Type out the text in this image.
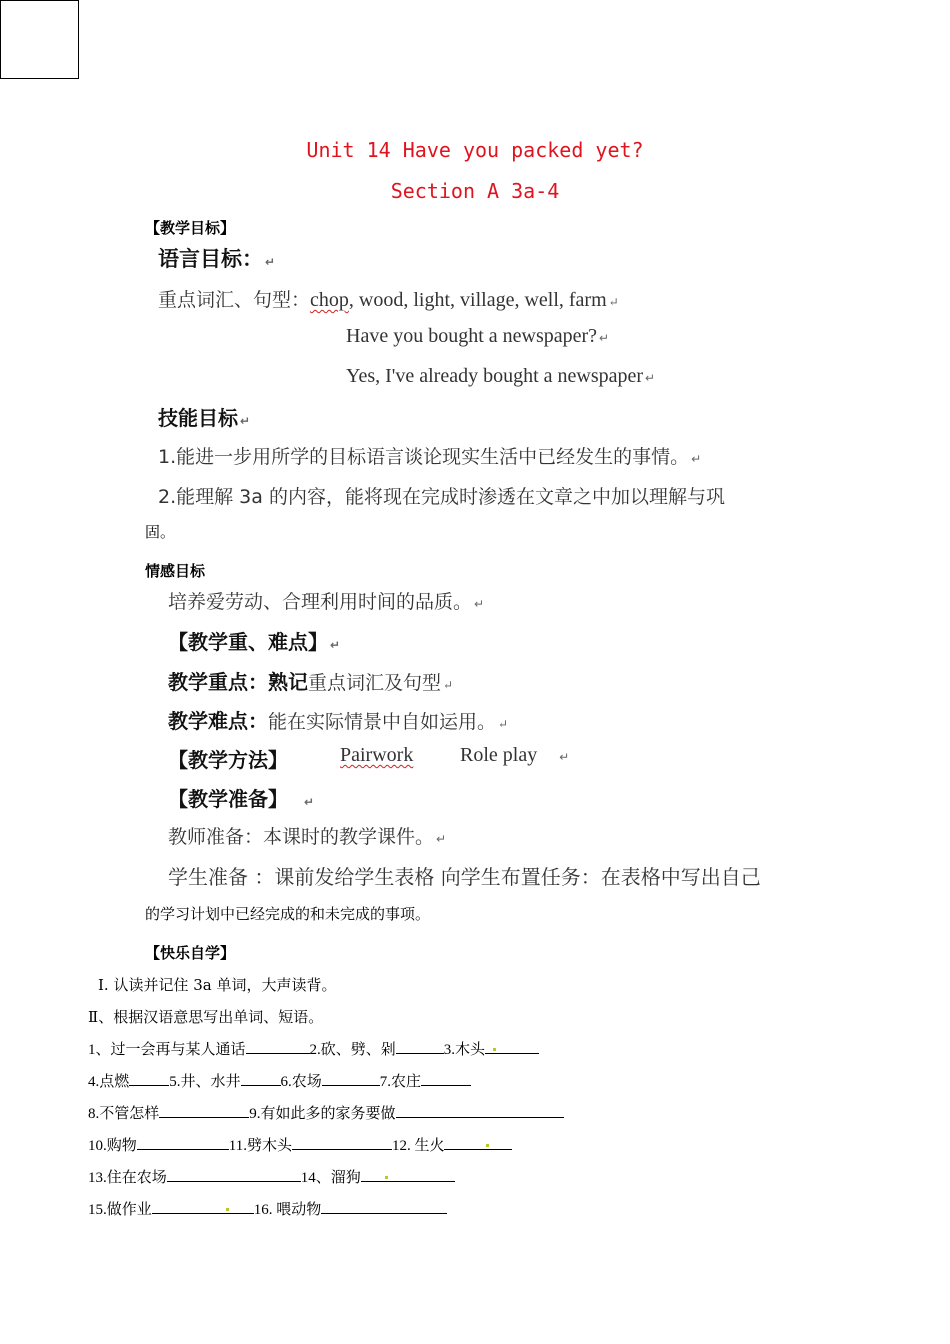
Unit 14 Have you packed yet?
Section A 3a-4
【教学目标】
语言目标： ↵
重点词汇、句型：chop, wood, light, village, well, farm ↵
Have you bought a newspaper? ↵
Yes, I've already bought a newspaper ↵
技能目标 ↵
1.能进一步用所学的目标语言谈论现实生活中已经发生的事情。 ↵
2.能理解 3a 的内容，能将现在完成时渗透在文章之中加以理解与巩
固。
情感目标
培养爱劳动、合理利用时间的品质。 ↵
【教学重、难点】 ↵
教学重点：熟记重点词汇及句型 ↵
教学难点：能在实际情景中自如运用。 ↵
【教学方法】	Pairwork Role play ↵
【教学准备】 ↵
教师准备：本课时的教学课件。 ↵
学生准备 ：课前发给学生表格 向学生布置任务：在表格中写出自己
的学习计划中已经完成的和未完成的事项。
【快乐自学】
I. 认读并记住 3a 单词，大声读背。
Ⅱ、根据汉语意思写出单词、短语。
1、过一会再与某人通话	2.砍、劈、剁	3.木头
4.点燃	5.井、水井	6.农场	7.农庄
8.不管怎样	9.有如此多的家务要做
10.购物	11.劈木头	12. 生火
13.住在农场	14、溜狗
15.做作业	16. 喂动物
